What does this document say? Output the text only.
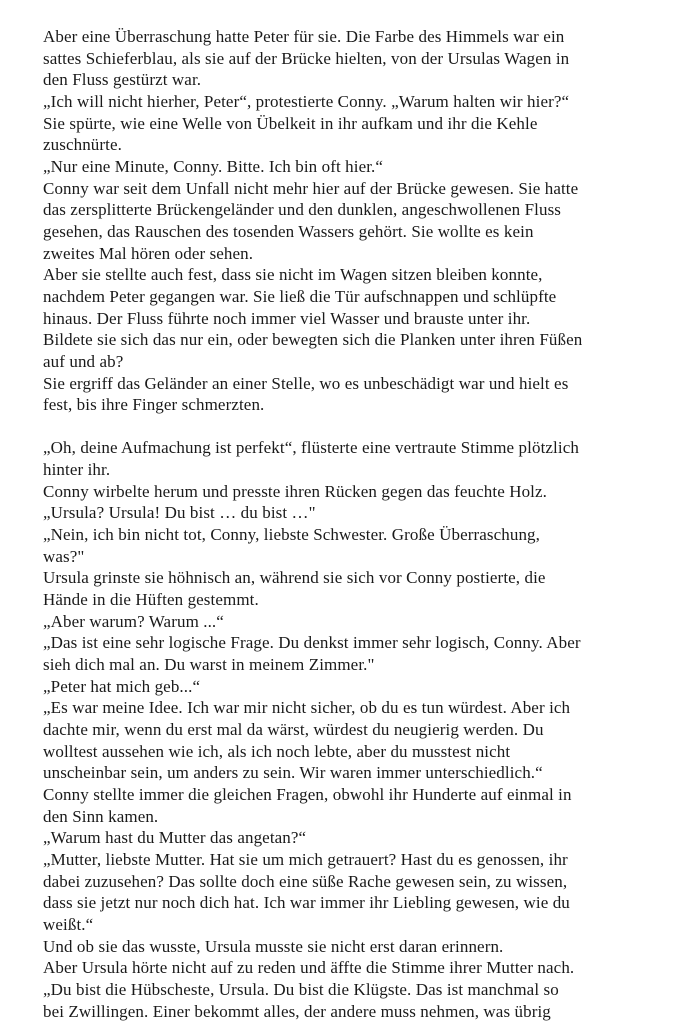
Aber eine Überraschung hatte Peter für sie. Die Farbe des Himmels war ein
sattes Schieferblau, als sie auf der Brücke hielten, von der Ursulas Wagen in
den Fluss gestürzt war.
„Ich will nicht hierher, Peter“, protestierte Conny. „Warum halten wir hier?“
Sie spürte, wie eine Welle von Übelkeit in ihr aufkam und ihr die Kehle
zuschnürte.
„Nur eine Minute, Conny. Bitte. Ich bin oft hier.“
Conny war seit dem Unfall nicht mehr hier auf der Brücke gewesen. Sie hatte
das zersplitterte Brückengeländer und den dunklen, angeschwollenen Fluss
gesehen, das Rauschen des tosenden Wassers gehört. Sie wollte es kein
zweites Mal hören oder sehen.
Aber sie stellte auch fest, dass sie nicht im Wagen sitzen bleiben konnte,
nachdem Peter gegangen war. Sie ließ die Tür aufschnappen und schlüpfte
hinaus. Der Fluss führte noch immer viel Wasser und brauste unter ihr.
Bildete sie sich das nur ein, oder bewegten sich die Planken unter ihren Füßen
auf und ab?
Sie ergriff das Geländer an einer Stelle, wo es unbeschädigt war und hielt es
fest, bis ihre Finger schmerzten.
„Oh, deine Aufmachung ist perfekt“, flüsterte eine vertraute Stimme plötzlich
hinter ihr.
Conny wirbelte herum und presste ihren Rücken gegen das feuchte Holz.
„Ursula? Ursula! Du bist … du bist …"
„Nein, ich bin nicht tot, Conny, liebste Schwester. Große Überraschung,
was?"
Ursula grinste sie höhnisch an, während sie sich vor Conny postierte, die
Hände in die Hüften gestemmt.
„Aber warum? Warum ...“
„Das ist eine sehr logische Frage. Du denkst immer sehr logisch, Conny. Aber
sieh dich mal an. Du warst in meinem Zimmer."
„Peter hat mich geb...“
„Es war meine Idee. Ich war mir nicht sicher, ob du es tun würdest. Aber ich
dachte mir, wenn du erst mal da wärst, würdest du neugierig werden. Du
wolltest aussehen wie ich, als ich noch lebte, aber du musstest nicht
unscheinbar sein, um anders zu sein. Wir waren immer unterschiedlich.“
Conny stellte immer die gleichen Fragen, obwohl ihr Hunderte auf einmal in
den Sinn kamen.
„Warum hast du Mutter das angetan?“
„Mutter, liebste Mutter. Hat sie um mich getrauert? Hast du es genossen, ihr
dabei zuzusehen? Das sollte doch eine süße Rache gewesen sein, zu wissen,
dass sie jetzt nur noch dich hat. Ich war immer ihr Liebling gewesen, wie du
weißt.“
Und ob sie das wusste, Ursula musste sie nicht erst daran erinnern.
Aber Ursula hörte nicht auf zu reden und äffte die Stimme ihrer Mutter nach.
„Du bist die Hübscheste, Ursula. Du bist die Klügste. Das ist manchmal so
bei Zwillingen. Einer bekommt alles, der andere muss nehmen, was übrig
